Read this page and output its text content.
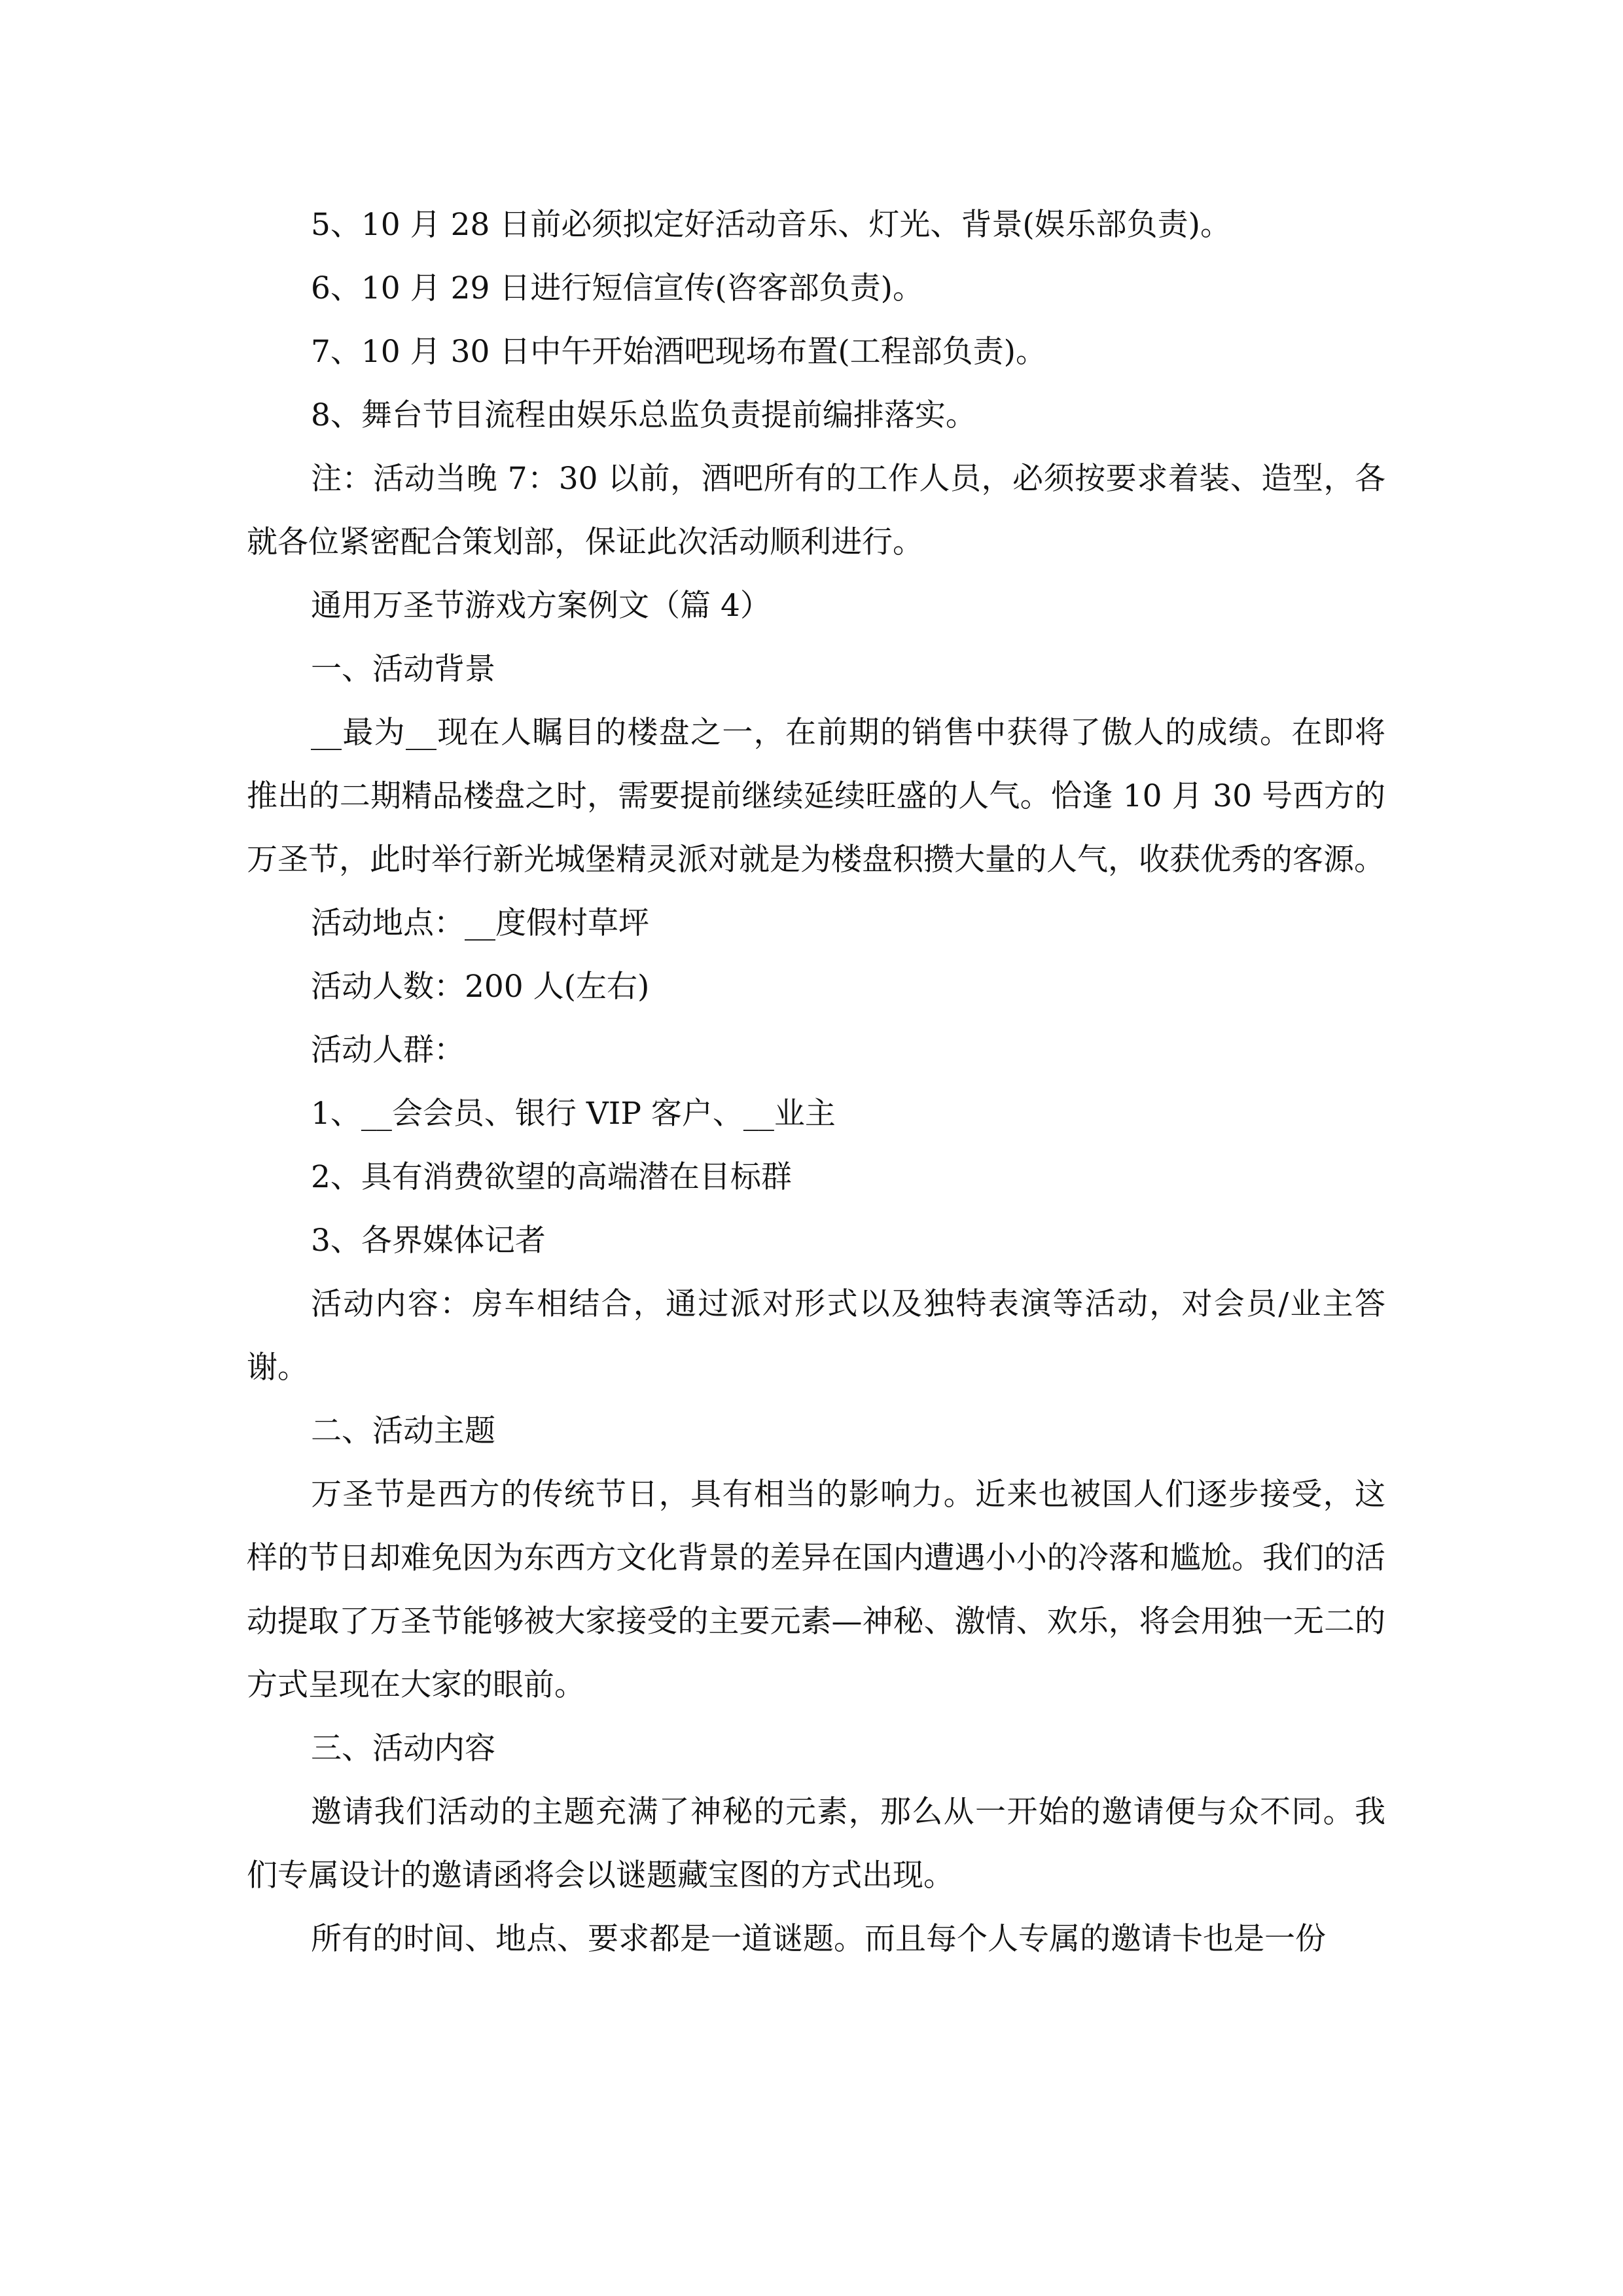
5、10 月 28 日前必须拟定好活动音乐、灯光、背景(娱乐部负责)。

6、10 月 29 日进行短信宣传(咨客部负责)。

7、10 月 30 日中午开始酒吧现场布置(工程部负责)。

8、舞台节目流程由娱乐总监负责提前编排落实。

注：活动当晚 7：30 以前，酒吧所有的工作人员，必须按要求着装、造型，各就各位紧密配合策划部，保证此次活动顺利进行。

通用万圣节游戏方案例文（篇 4）

一、活动背景

__最为__现在人瞩目的楼盘之一，在前期的销售中获得了傲人的成绩。在即将推出的二期精品楼盘之时，需要提前继续延续旺盛的人气。恰逢 10 月 30 号西方的万圣节，此时举行新光城堡精灵派对就是为楼盘积攒大量的人气，收获优秀的客源。

活动地点：__度假村草坪

活动人数：200 人(左右)

活动人群：

1、__会会员、银行 VIP 客户、__业主

2、具有消费欲望的高端潜在目标群

3、各界媒体记者

活动内容：房车相结合，通过派对形式以及独特表演等活动，对会员/业主答谢。

二、活动主题

万圣节是西方的传统节日，具有相当的影响力。近来也被国人们逐步接受，这样的节日却难免因为东西方文化背景的差异在国内遭遇小小的冷落和尴尬。我们的活动提取了万圣节能够被大家接受的主要元素—神秘、激情、欢乐，将会用独一无二的方式呈现在大家的眼前。

三、活动内容

邀请我们活动的主题充满了神秘的元素，那么从一开始的邀请便与众不同。我们专属设计的邀请函将会以谜题藏宝图的方式出现。

所有的时间、地点、要求都是一道谜题。而且每个人专属的邀请卡也是一份
